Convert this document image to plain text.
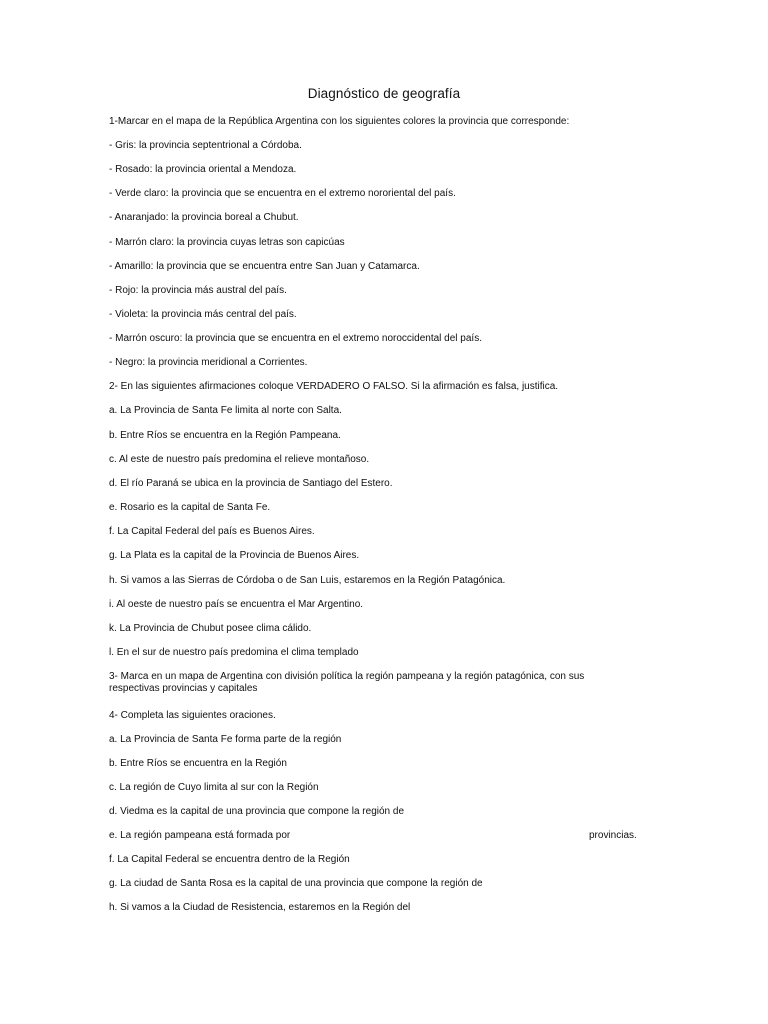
Diagnóstico de geografía
1-Marcar en el mapa de la República Argentina con los siguientes colores la provincia que corresponde:
- Gris: la provincia septentrional a Córdoba.
- Rosado: la provincia oriental a Mendoza.
- Verde claro: la provincia que se encuentra en el extremo nororiental del país.
- Anaranjado: la provincia boreal a Chubut.
- Marrón claro: la provincia cuyas letras son capicúas
- Amarillo: la provincia que se encuentra entre San Juan y Catamarca.
- Rojo: la provincia más austral del país.
- Violeta: la provincia más central del país.
- Marrón oscuro: la provincia que se encuentra en el extremo noroccidental del país.
- Negro: la provincia meridional a Corrientes.
2- En las siguientes afirmaciones coloque VERDADERO O FALSO. Si la afirmación es falsa, justifica.
a. La Provincia de Santa Fe limita al norte con Salta.
b. Entre Ríos se encuentra en la Región Pampeana.
c. Al este de nuestro país predomina el relieve montañoso.
d. El río Paraná se ubica en la provincia de Santiago del Estero.
e. Rosario es la capital de Santa Fe.
f. La Capital Federal del país es Buenos Aires.
g. La Plata es la capital de la Provincia de Buenos Aires.
h. Si vamos a las Sierras de Córdoba o de San Luis, estaremos en la Región Patagónica.
i. Al oeste de nuestro país se encuentra el Mar Argentino.
k. La Provincia de Chubut posee clima cálido.
l. En el sur de nuestro país predomina el clima templado
3- Marca en un mapa de Argentina con división política la región pampeana y la región patagónica, con sus respectivas provincias y capitales
4- Completa las siguientes oraciones.
a. La Provincia de Santa Fe forma parte de la región
b. Entre Ríos se encuentra en la Región
c. La región de Cuyo limita al sur con la Región
d. Viedma es la capital de una provincia que compone la región de
e. La región pampeana está formada por	provincias.
f. La Capital Federal se encuentra dentro de la Región
g. La ciudad de Santa Rosa es la capital de una provincia que compone la región de
h. Si vamos a la Ciudad de Resistencia, estaremos en la Región del
